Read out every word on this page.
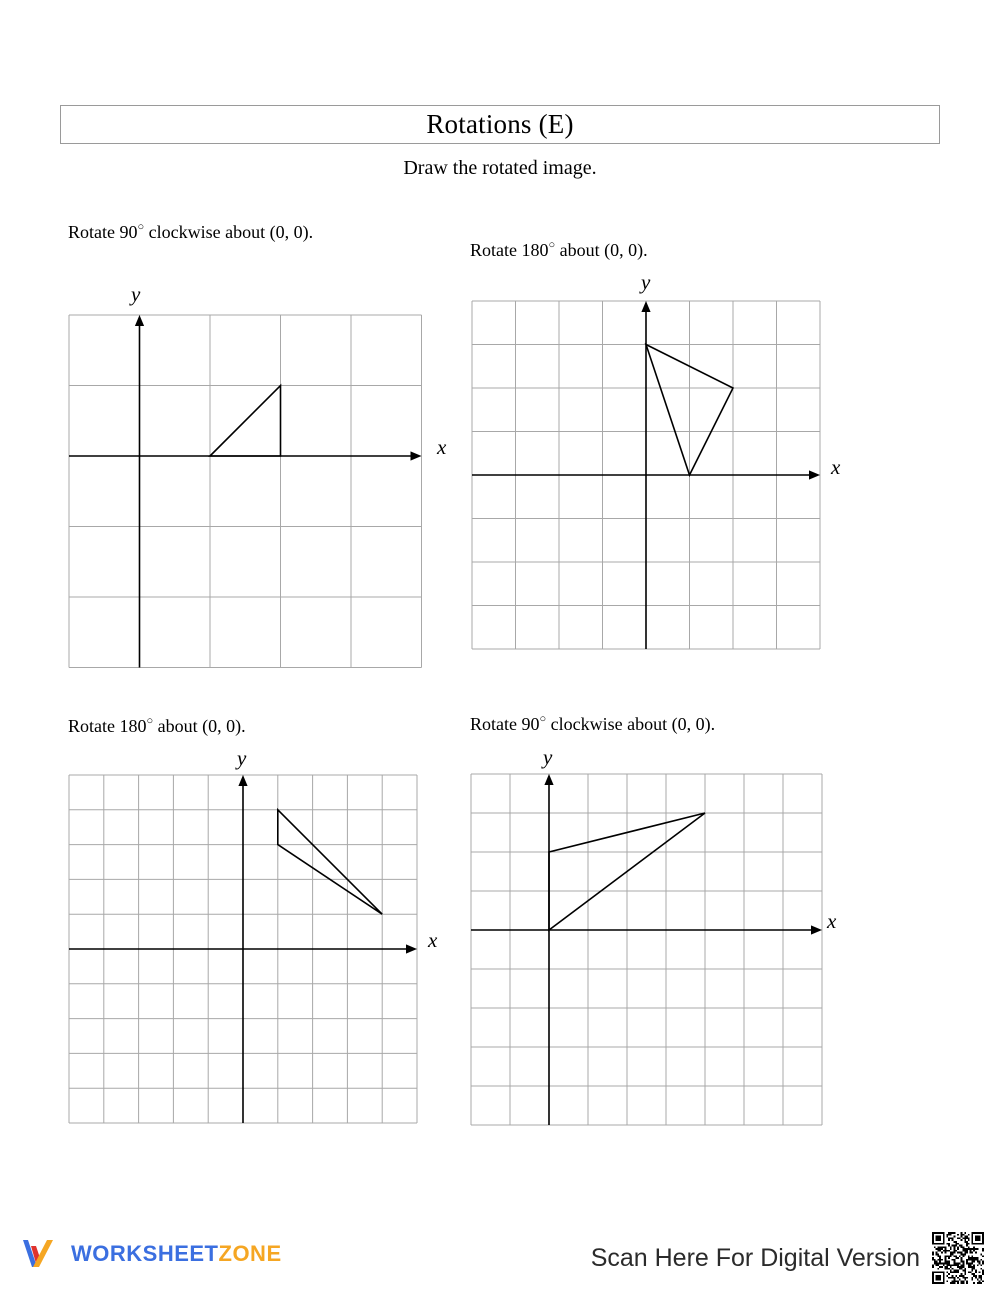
Rotations (E)
Draw the rotated image.
Rotate 90○ clockwise about (0, 0).
y
x
Rotate 180○ about (0, 0).
y
x
Rotate 180○ about (0, 0).
y
x
Rotate 90○ clockwise about (0, 0).
y
x
WORKSHEETZONE	Scan Here For Digital Version
